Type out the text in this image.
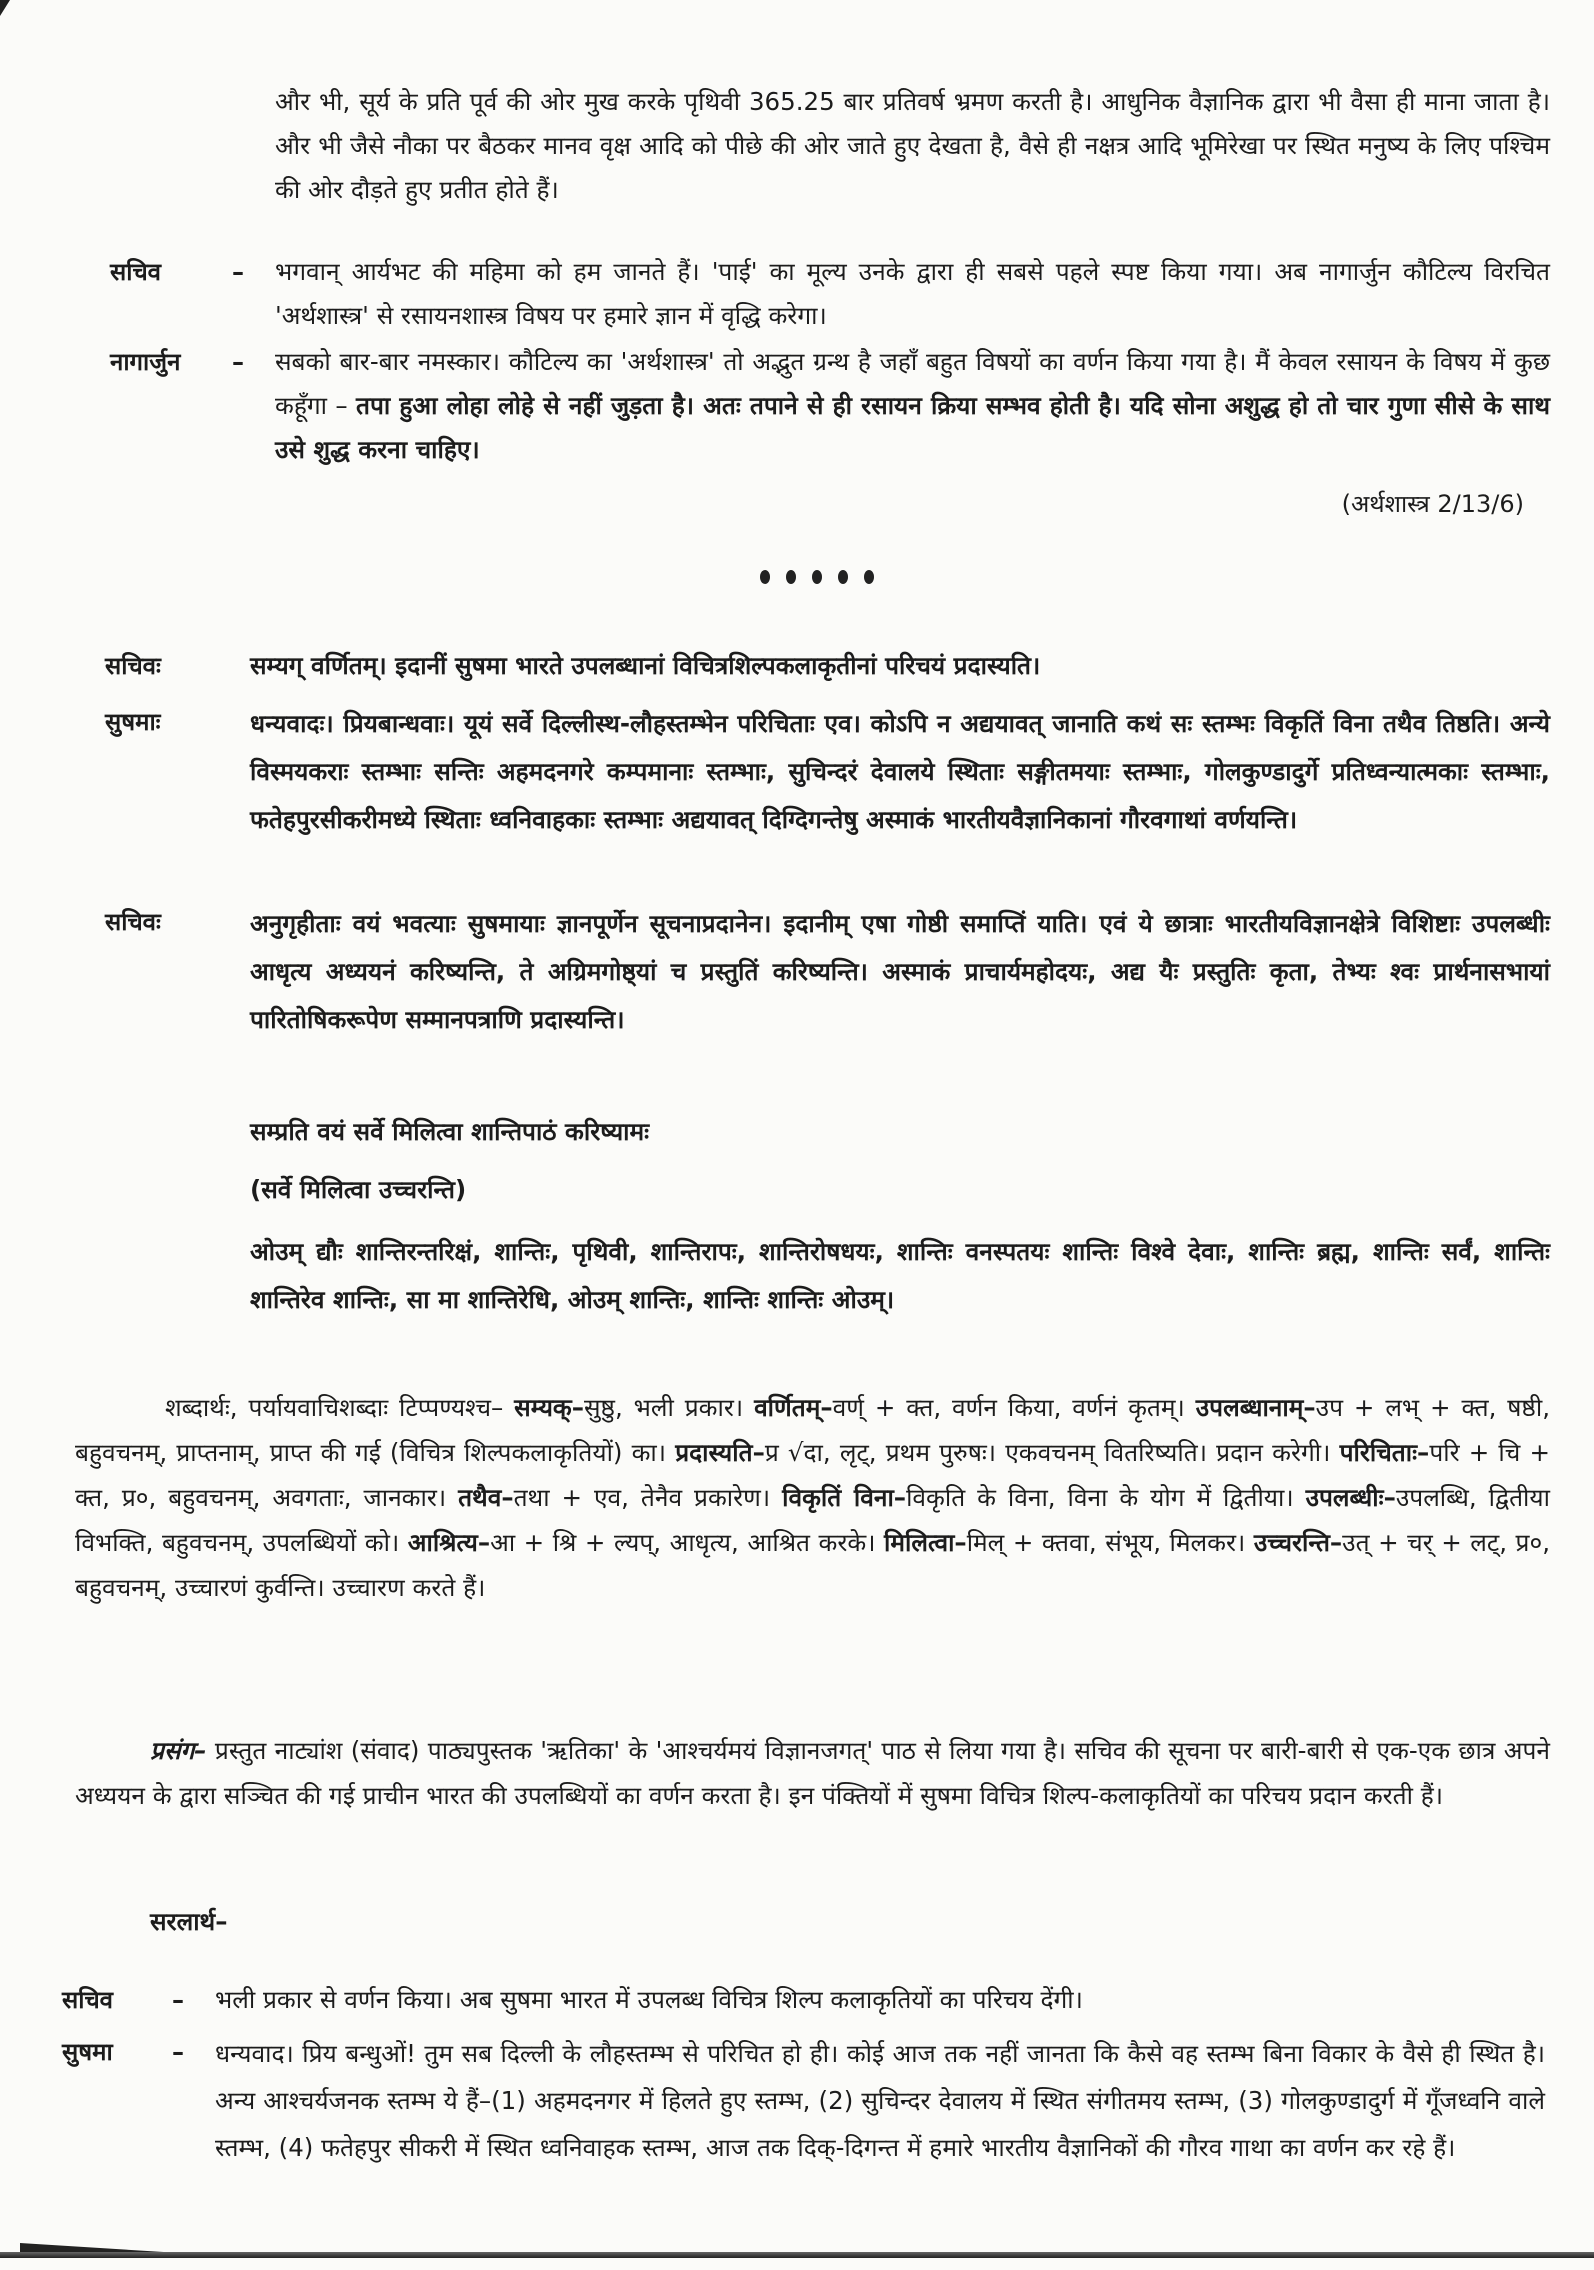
और भी, सूर्य के प्रति पूर्व की ओर मुख करके पृथिवी 365.25 बार प्रतिवर्ष भ्रमण करती है। आधुनिक वैज्ञानिक द्वारा भी वैसा ही माना जाता है। और भी जैसे नौका पर बैठकर मानव वृक्ष आदि को पीछे की ओर जाते हुए देखता है, वैसे ही नक्षत्र आदि भूमिरेखा पर स्थित मनुष्य के लिए पश्चिम की ओर दौड़ते हुए प्रतीत होते हैं।
सचिव	– भगवान् आर्यभट की महिमा को हम जानते हैं। 'पाई' का मूल्य उनके द्वारा ही सबसे पहले स्पष्ट किया गया। अब नागार्जुन कौटिल्य विरचित 'अर्थशास्त्र' से रसायनशास्त्र विषय पर हमारे ज्ञान में वृद्धि करेगा।
नागार्जुन – सबको बार-बार नमस्कार। कौटिल्य का 'अर्थशास्त्र' तो अद्भुत ग्रन्थ है जहाँ बहुत विषयों का वर्णन किया गया है। मैं केवल रसायन के विषय में कुछ कहूँगा – तपा हुआ लोहा लोहे से नहीं जुड़ता है। अतः तपाने से ही रसायन क्रिया सम्भव होती है। यदि सोना अशुद्ध हो तो चार गुणा सीसे के साथ उसे शुद्ध करना चाहिए।
(अर्थशास्त्र 2/13/6)
सचिवः	सम्यग् वर्णितम्। इदानीं सुषमा भारते उपलब्धानां विचित्रशिल्पकलाकृतीनां परिचयं प्रदास्यति।
सुषमाः	धन्यवादः। प्रियबान्धवाः। यूयं सर्वे दिल्लीस्थ-लौहस्तम्भेन परिचिताः एव। कोऽपि न अद्ययावत् जानाति कथं सः स्तम्भः विकृतिं विना तथैव तिष्ठति। अन्ये विस्मयकराः स्तम्भाः सन्तिः अहमदनगरे कम्पमानाः स्तम्भाः, सुचिन्दरं देवालये स्थिताः सङ्गीतमयाः स्तम्भाः, गोलकुण्डादुर्गे प्रतिध्वन्यात्मकाः स्तम्भाः, फतेहपुरसीकरीमध्ये स्थिताः ध्वनिवाहकाः स्तम्भाः अद्ययावत् दिग्दिगन्तेषु अस्माकं भारतीयवैज्ञानिकानां गौरवगाथां वर्णयन्ति।
सचिवः	अनुगृहीताः वयं भवत्याः सुषमायाः ज्ञानपूर्णेन सूचनाप्रदानेन। इदानीम् एषा गोष्ठी समाप्तिं याति। एवं ये छात्राः भारतीयविज्ञानक्षेत्रे विशिष्टाः उपलब्धीः आधृत्य अध्ययनं करिष्यन्ति, ते अग्रिमगोष्ठ्यां च प्रस्तुतिं करिष्यन्ति। अस्माकं प्राचार्यमहोदयः, अद्य यैः प्रस्तुतिः कृता, तेभ्यः श्वः प्रार्थनासभायां पारितोषिकरूपेण सम्मानपत्राणि प्रदास्यन्ति।
सम्प्रति वयं सर्वे मिलित्वा शान्तिपाठं करिष्यामः
(सर्वे मिलित्वा उच्चरन्ति)
ओउम् द्यौः शान्तिरन्तरिक्षं, शान्तिः, पृथिवी, शान्तिरापः, शान्तिरोषधयः, शान्तिः वनस्पतयः शान्तिः विश्वे देवाः, शान्तिः ब्रह्म, शान्तिः सर्वं, शान्तिः शान्तिरेव शान्तिः, सा मा शान्तिरेधि, ओउम् शान्तिः, शान्तिः शान्तिः ओउम्।
शब्दार्थः, पर्यायवाचिशब्दाः टिप्पण्यश्च– सम्यक्–सुष्ठु, भली प्रकार। वर्णितम्–वर्ण् + क्त, वर्णन किया, वर्णनं कृतम्। उपलब्धानाम्–उप + लभ् + क्त, षष्ठी, बहुवचनम्, प्राप्तनाम्, प्राप्त की गई (विचित्र शिल्पकलाकृतियों) का। प्रदास्यति–प्र √दा, लृट्, प्रथम पुरुषः। एकवचनम् वितरिष्यति। प्रदान करेगी। परिचिताः–परि + चि + क्त, प्र०, बहुवचनम्, अवगताः, जानकार। तथैव–तथा + एव, तेनैव प्रकारेण। विकृतिं विना–विकृति के विना, विना के योग में द्वितीया। उपलब्धीः–उपलब्धि, द्वितीया विभक्ति, बहुवचनम्, उपलब्धियों को। आश्रित्य–आ + श्रि + ल्यप्, आधृत्य, आश्रित करके। मिलित्वा–मिल् + क्तवा, संभूय, मिलकर। उच्चरन्ति–उत् + चर् + लट्, प्र०, बहुवचनम्, उच्चारणं कुर्वन्ति। उच्चारण करते हैं।
प्रसंग– प्रस्तुत नाट्यांश (संवाद) पाठ्यपुस्तक 'ऋतिका' के 'आश्चर्यमयं विज्ञानजगत्' पाठ से लिया गया है। सचिव की सूचना पर बारी-बारी से एक-एक छात्र अपने अध्ययन के द्वारा सञ्चित की गई प्राचीन भारत की उपलब्धियों का वर्णन करता है। इन पंक्तियों में सुषमा विचित्र शिल्प-कलाकृतियों का परिचय प्रदान करती हैं।
सरलार्थ–
सचिव – भली प्रकार से वर्णन किया। अब सुषमा भारत में उपलब्ध विचित्र शिल्प कलाकृतियों का परिचय देंगी।
सुषमा – धन्यवाद। प्रिय बन्धुओं! तुम सब दिल्ली के लौहस्तम्भ से परिचित हो ही। कोई आज तक नहीं जानता कि कैसे वह स्तम्भ बिना विकार के वैसे ही स्थित है। अन्य आश्चर्यजनक स्तम्भ ये हैं–(1) अहमदनगर में हिलते हुए स्तम्भ, (2) सुचिन्दर देवालय में स्थित संगीतमय स्तम्भ, (3) गोलकुण्डादुर्ग में गूँजध्वनि वाले स्तम्भ, (4) फतेहपुर सीकरी में स्थित ध्वनिवाहक स्तम्भ, आज तक दिक्-दिगन्त में हमारे भारतीय वैज्ञानिकों की गौरव गाथा का वर्णन कर रहे हैं।
